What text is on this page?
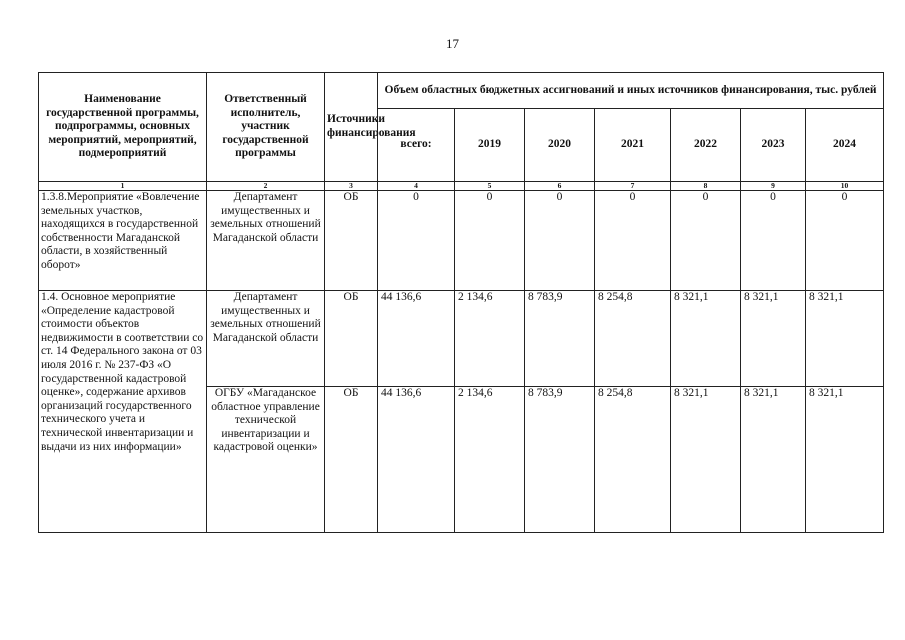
17
Наименование государственной программы, подпрограммы, основных мероприятий, мероприятий, подмероприятий	Ответственный исполнитель, участник государственной программы	Источники финансирования	Объем областных бюджетных ассигнований и иных источников финансирования, тыс. рублей						
			всего:	2019	2020	2021	2022	2023	2024
1	2	3	4	5	6	7	8	9	10
1.3.8.Мероприятие «Вовлечение земельных участков, находящихся в государственной собственности Магаданской области, в хозяйственный оборот»	Департамент имущественных и земельных отношений Магаданской области	ОБ	0	0	0	0	0	0	0
1.4. Основное мероприятие «Определение кадастровой стоимости объектов недвижимости в соответствии со ст. 14 Федерального закона от 03 июля 2016 г. № 237-ФЗ «О государственной кадастровой оценке», содержание архивов организаций государственного технического учета и технической инвентаризации и выдачи из них информации»	Департамент имущественных и земельных отношений Магаданской области	ОБ	44 136,6	2 134,6	8 783,9	8 254,8	8 321,1	8 321,1	8 321,1
	ОГБУ «Магаданское областное управление технической инвентаризации и кадастровой оценки»	ОБ	44 136,6	2 134,6	8 783,9	8 254,8	8 321,1	8 321,1	8 321,1
